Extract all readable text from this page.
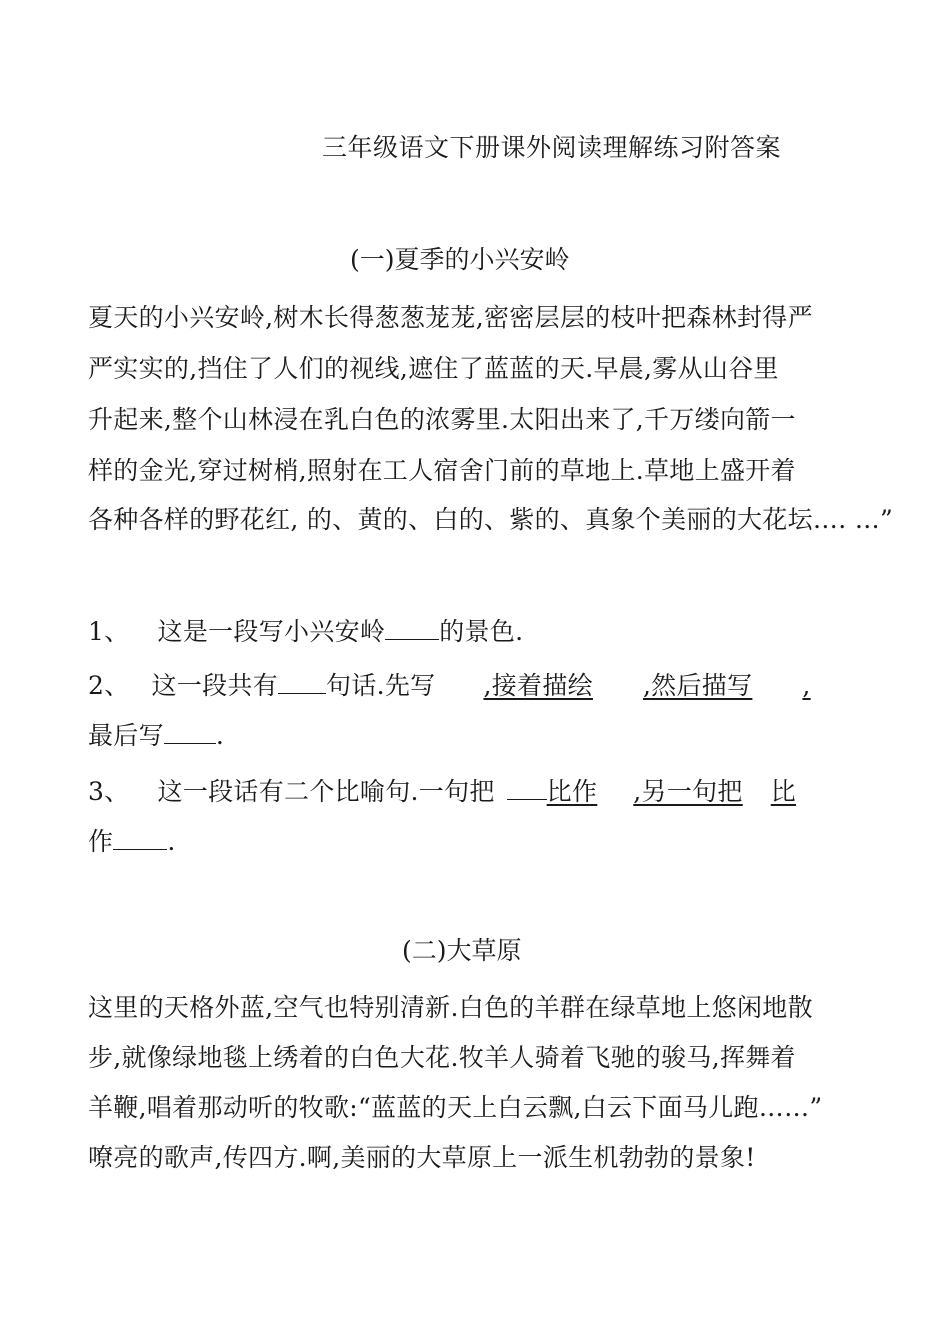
三年级语文下册课外阅读理解练习附答案
(一)夏季的小兴安岭
夏天的小兴安岭,树木长得葱葱茏茏,密密层层的枝叶把森林封得严
严实实的,挡住了人们的视线,遮住了蓝蓝的天.早晨,雾从山谷里
升起来,整个山林浸在乳白色的浓雾里.太阳出来了,千万缕向箭一
样的金光,穿过树梢,照射在工人宿舍门前的草地上.草地上盛开着
各种各样的野花红, 的、黄的、白的、紫的、真象个美丽的大花坛…. …”
1、 这是一段写小兴安岭 的景色.
2、 这一段共有 句话.先写 ,接着描绘 ,然后描写 ,
最后写 .
3、 这一段话有二个比喻句.一句把 比作 ,另一句把 比
作 .
(二)大草原
这里的天格外蓝,空气也特别清新.白色的羊群在绿草地上悠闲地散
步,就像绿地毯上绣着的白色大花.牧羊人骑着飞驰的骏马,挥舞着
羊鞭,唱着那动听的牧歌:“蓝蓝的天上白云飘,白云下面马儿跑……”
嘹亮的歌声,传四方.啊,美丽的大草原上一派生机勃勃的景象!
